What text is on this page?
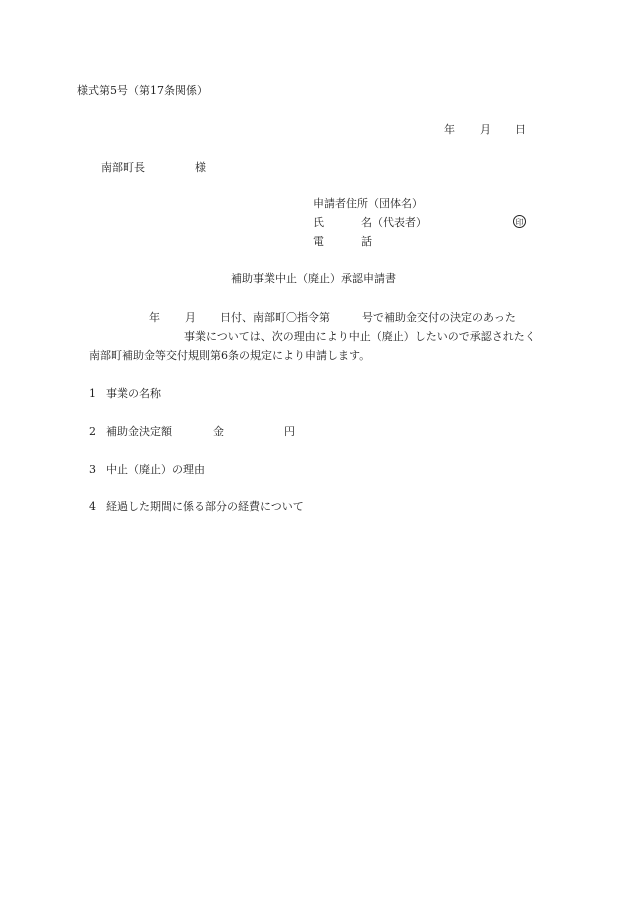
様式第5号（第17条関係）
年 月 日
南部町長	様
申請者住所（団体名）
氏	名（代表者）	印
電	話
補助事業中止（廃止）承認申請書
年 月 日付、南部町〇指令第	号で補助金交付の決定のあった
事業については、次の理由により中止（廃止）したいので承認されたく
南部町補助金等交付規則第6条の規定により申請します。
1 事業の名称
2 補助金決定額	金	円
3 中止（廃止）の理由
4 経過した期間に係る部分の経費について
